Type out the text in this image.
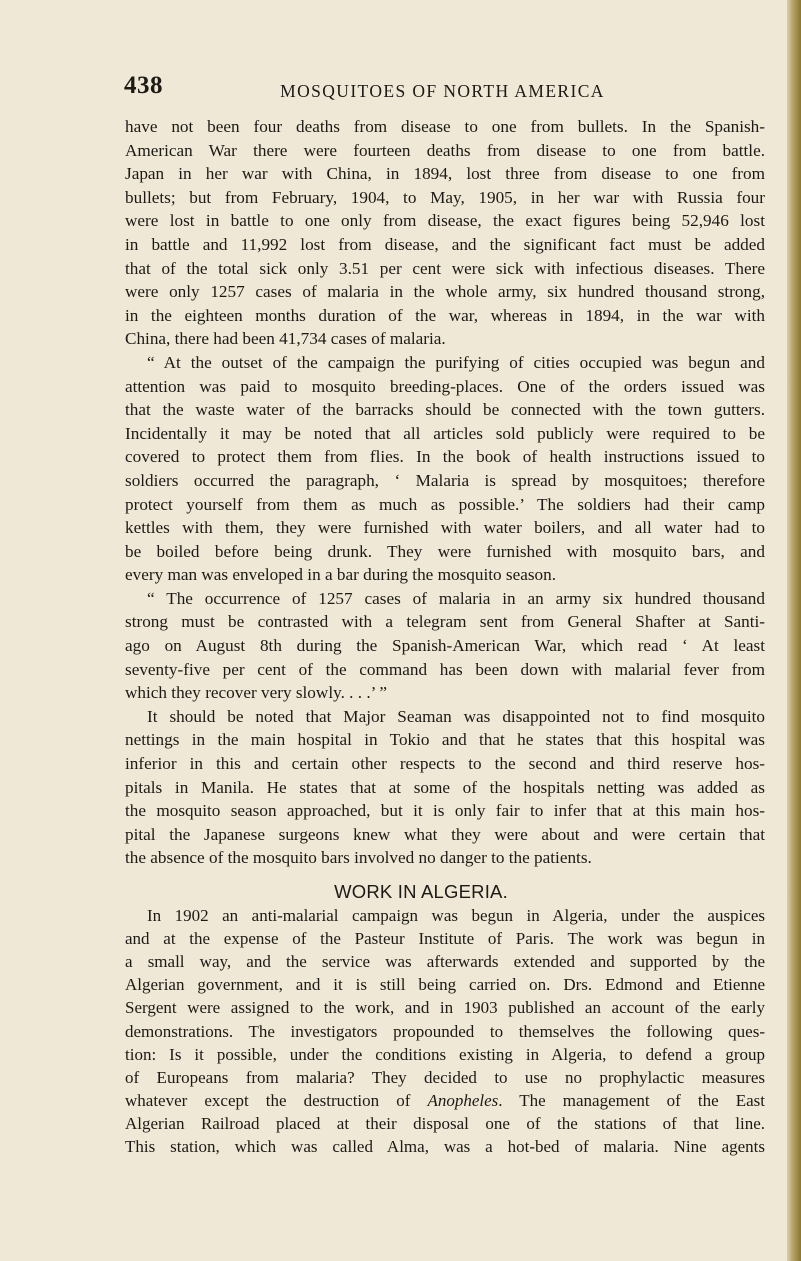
438	MOSQUITOES OF NORTH AMERICA
have not been four deaths from disease to one from bullets. In the Spanish-
American War there were fourteen deaths from disease to one from battle.
Japan in her war with China, in 1894, lost three from disease to one from
bullets; but from February, 1904, to May, 1905, in her war with Russia four
were lost in battle to one only from disease, the exact figures being 52,946 lost
in battle and 11,992 lost from disease, and the significant fact must be added
that of the total sick only 3.51 per cent were sick with infectious diseases. There
were only 1257 cases of malaria in the whole army, six hundred thousand strong,
in the eighteen months duration of the war, whereas in 1894, in the war with
China, there had been 41,734 cases of malaria.
“ At the outset of the campaign the purifying of cities occupied was begun and
attention was paid to mosquito breeding-places. One of the orders issued was
that the waste water of the barracks should be connected with the town gutters.
Incidentally it may be noted that all articles sold publicly were required to be
covered to protect them from flies. In the book of health instructions issued to
soldiers occurred the paragraph, ‘ Malaria is spread by mosquitoes; therefore
protect yourself from them as much as possible.’ The soldiers had their camp
kettles with them, they were furnished with water boilers, and all water had to
be boiled before being drunk. They were furnished with mosquito bars, and
every man was enveloped in a bar during the mosquito season.
“ The occurrence of 1257 cases of malaria in an army six hundred thousand
strong must be contrasted with a telegram sent from General Shafter at Santi-
ago on August 8th during the Spanish-American War, which read ‘ At least
seventy-five per cent of the command has been down with malarial fever from
which they recover very slowly. . . .’ ”
It should be noted that Major Seaman was disappointed not to find mosquito
nettings in the main hospital in Tokio and that he states that this hospital was
inferior in this and certain other respects to the second and third reserve hos-
pitals in Manila. He states that at some of the hospitals netting was added as
the mosquito season approached, but it is only fair to infer that at this main hos-
pital the Japanese surgeons knew what they were about and were certain that
the absence of the mosquito bars involved no danger to the patients.
WORK IN ALGERIA.
In 1902 an anti-malarial campaign was begun in Algeria, under the auspices
and at the expense of the Pasteur Institute of Paris. The work was begun in
a small way, and the service was afterwards extended and supported by the
Algerian government, and it is still being carried on. Drs. Edmond and Etienne
Sergent were assigned to the work, and in 1903 published an account of the early
demonstrations. The investigators propounded to themselves the following ques-
tion: Is it possible, under the conditions existing in Algeria, to defend a group
of Europeans from malaria? They decided to use no prophylactic measures
whatever except the destruction of Anopheles. The management of the East
Algerian Railroad placed at their disposal one of the stations of that line.
This station, which was called Alma, was a hot-bed of malaria. Nine agents
